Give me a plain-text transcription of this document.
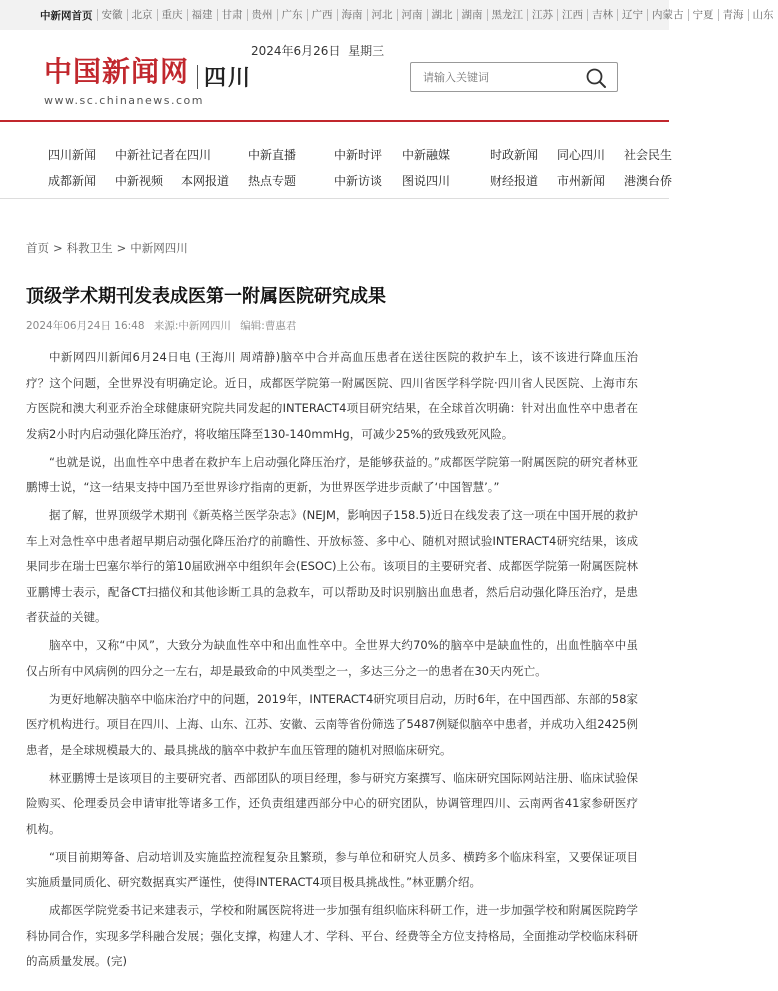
中新网首页 安徽 北京 重庆 福建 甘肃 贵州 广东 广西 海南 河北 河南 湖北 湖南 黑龙江 江苏 江西 吉林 辽宁 内蒙古 宁夏 青海 山东
中国新闻网 四川
www.sc.chinanews.com
2024年6月26日 星期三
请输入关键词
四川新闻 中新社记者在四川	中新直播	中新时评 中新融媒	时政新闻 同心四川 社会民生
成都新闻 中新视频 本网报道 热点专题	中新访谈 图说四川	财经报道 市州新闻 港澳台侨
首页 > 科教卫生 > 中新网四川
顶级学术期刊发表成医第一附属医院研究成果
2024年06月24日 16:48 来源:中新网四川 编辑:曹惠君

中新网四川新闻6月24日电 (王海川 周靖静)脑卒中合并高血压患者在送往医院的救护车上，该不该进行降血压治疗？这个问题，全世界没有明确定论。近日，成都医学院第一附属医院、四川省医学科学院·四川省人民医院、上海市东方医院和澳大利亚乔治全球健康研究院共同发起的INTERACT4项目研究结果，在全球首次明确：针对出血性卒中患者在发病2小时内启动强化降压治疗，将收缩压降至130-140mmHg，可减少25%的致残致死风险。

“也就是说，出血性卒中患者在救护车上启动强化降压治疗，是能够获益的。”成都医学院第一附属医院的研究者林亚鹏博士说，“这一结果支持中国乃至世界诊疗指南的更新，为世界医学进步贡献了‘中国智慧’。”

据了解，世界顶级学术期刊《新英格兰医学杂志》(NEJM，影响因子158.5)近日在线发表了这一项在中国开展的救护车上对急性卒中患者超早期启动强化降压治疗的前瞻性、开放标签、多中心、随机对照试验INTERACT4研究结果，该成果同步在瑞士巴塞尔举行的第10届欧洲卒中组织年会(ESOC)上公布。该项目的主要研究者、成都医学院第一附属医院林亚鹏博士表示，配备CT扫描仪和其他诊断工具的急救车，可以帮助及时识别脑出血患者，然后启动强化降压治疗，是患者获益的关键。

脑卒中，又称“中风”，大致分为缺血性卒中和出血性卒中。全世界大约70%的脑卒中是缺血性的，出血性脑卒中虽仅占所有中风病例的四分之一左右，却是最致命的中风类型之一，多达三分之一的患者在30天内死亡。

为更好地解决脑卒中临床治疗中的问题，2019年，INTERACT4研究项目启动，历时6年，在中国西部、东部的58家医疗机构进行。项目在四川、上海、山东、江苏、安徽、云南等省份筛选了5487例疑似脑卒中患者，并成功入组2425例患者，是全球规模最大的、最具挑战的脑卒中救护车血压管理的随机对照临床研究。

林亚鹏博士是该项目的主要研究者、西部团队的项目经理，参与研究方案撰写、临床研究国际网站注册、临床试验保险购买、伦理委员会申请审批等诸多工作，还负责组建西部分中心的研究团队，协调管理四川、云南两省41家参研医疗机构。

“项目前期筹备、启动培训及实施监控流程复杂且繁琐，参与单位和研究人员多、横跨多个临床科室，又要保证项目实施质量同质化、研究数据真实严谨性，使得INTERACT4项目极具挑战性。”林亚鹏介绍。

成都医学院党委书记来建表示，学校和附属医院将进一步加强有组织临床科研工作，进一步加强学校和附属医院跨学科协同合作，实现多学科融合发展；强化支撑，构建人才、学科、平台、经费等全方位支持格局，全面推动学校临床科研的高质量发展。(完)
